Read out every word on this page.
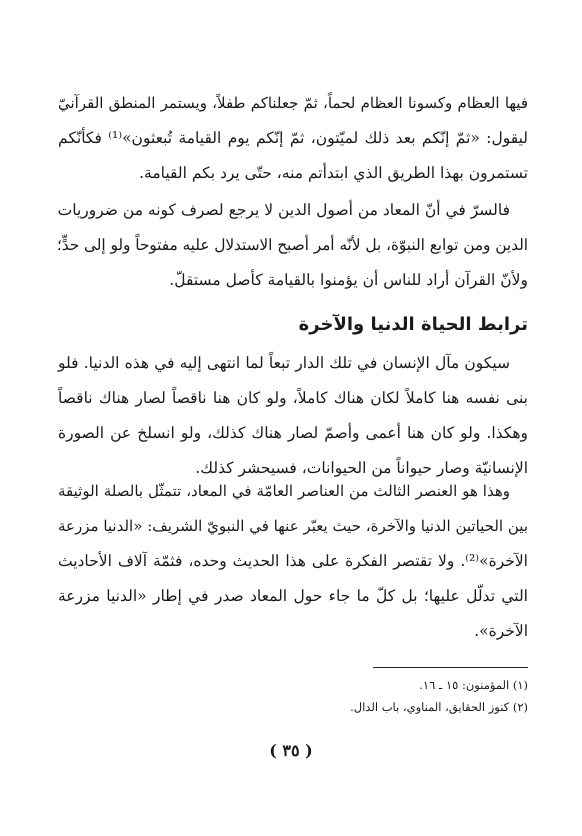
فيها العظام وكسونا العظام لحماً، ثمّ جعلناكم طفلاً، ويستمر المنطق القرآنيّ
ليقول: «ثمّ إنّكم بعد ذلك لميّتون، ثمّ إنّكم يوم القيامة تُبعثون»⁽¹⁾ فكأنّكم
تستمرون بهذا الطريق الذي ابتدأتم منه، حتّى يرد بكم القيامة.
فالسرّ في أنّ المعاد من أصول الدين لا يرجع لصرف كونه من ضروريات
الدين ومن توابع النبوّة، بل لأنّه أمر أصبح الاستدلال عليه مفتوحاً ولو إلى حدٍّ؛
ولأنّ القرآن أراد للناس أن يؤمنوا بالقيامة كأصل مستقلّ.
ترابط الحياة الدنيا والآخرة
سيكون مآل الإنسان في تلك الدار تبعاً لما انتهى إليه في هذه الدنيا. فلو
بنى نفسه هنا كاملاً لكان هناك كاملاً، ولو كان هنا ناقصاً لصار هناك ناقصاً
وهكذا. ولو كان هنا أعمى وأصمّ لصار هناك كذلك، ولو انسلخ عن الصورة
الإنسانيّة وصار حيواناً من الحيوانات، فسيحشر كذلك.
وهذا هو العنصر الثالث من العناصر العامّة في المعاد، تتمثّل بالصلة الوثيقة
بين الحياتين الدنيا والآخرة، حيث يعبّر عنها في النبويّ الشريف: «الدنيا مزرعة
الآخرة»⁽²⁾. ولا تقتصر الفكرة على هذا الحديث وحده، فثمّة آلاف الأحاديث
التي تدلّل عليها؛ بل كلّ ما جاء حول المعاد صدر في إطار «الدنيا مزرعة
الآخرة».
(١) المؤمنون: ١٥ ـ ١٦.
(٢) كنوز الحقايق، المناوي، باب الدال.
( ٣٥ )
